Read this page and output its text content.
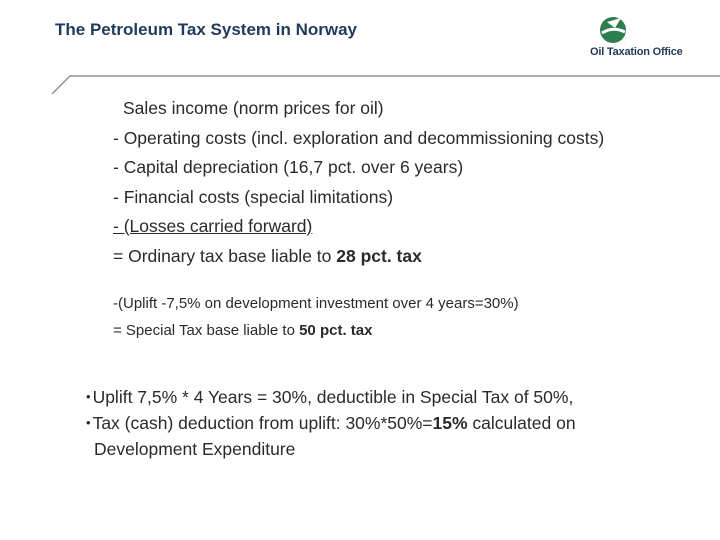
The Petroleum Tax System in Norway
Oil Taxation Office
Sales income (norm prices for oil)
- Operating costs (incl. exploration and decommissioning costs)
- Capital depreciation (16,7 pct. over 6 years)
- Financial costs (special limitations)
- (Losses carried forward)
= Ordinary tax base liable to 28 pct. tax
-(Uplift -7,5% on development investment over 4 years=30%)
= Special Tax base liable to 50 pct. tax
• Uplift 7,5% * 4 Years = 30%, deductible in Special Tax of 50%,
• Tax (cash) deduction from uplift: 30%*50%=15% calculated on
Development Expenditure
